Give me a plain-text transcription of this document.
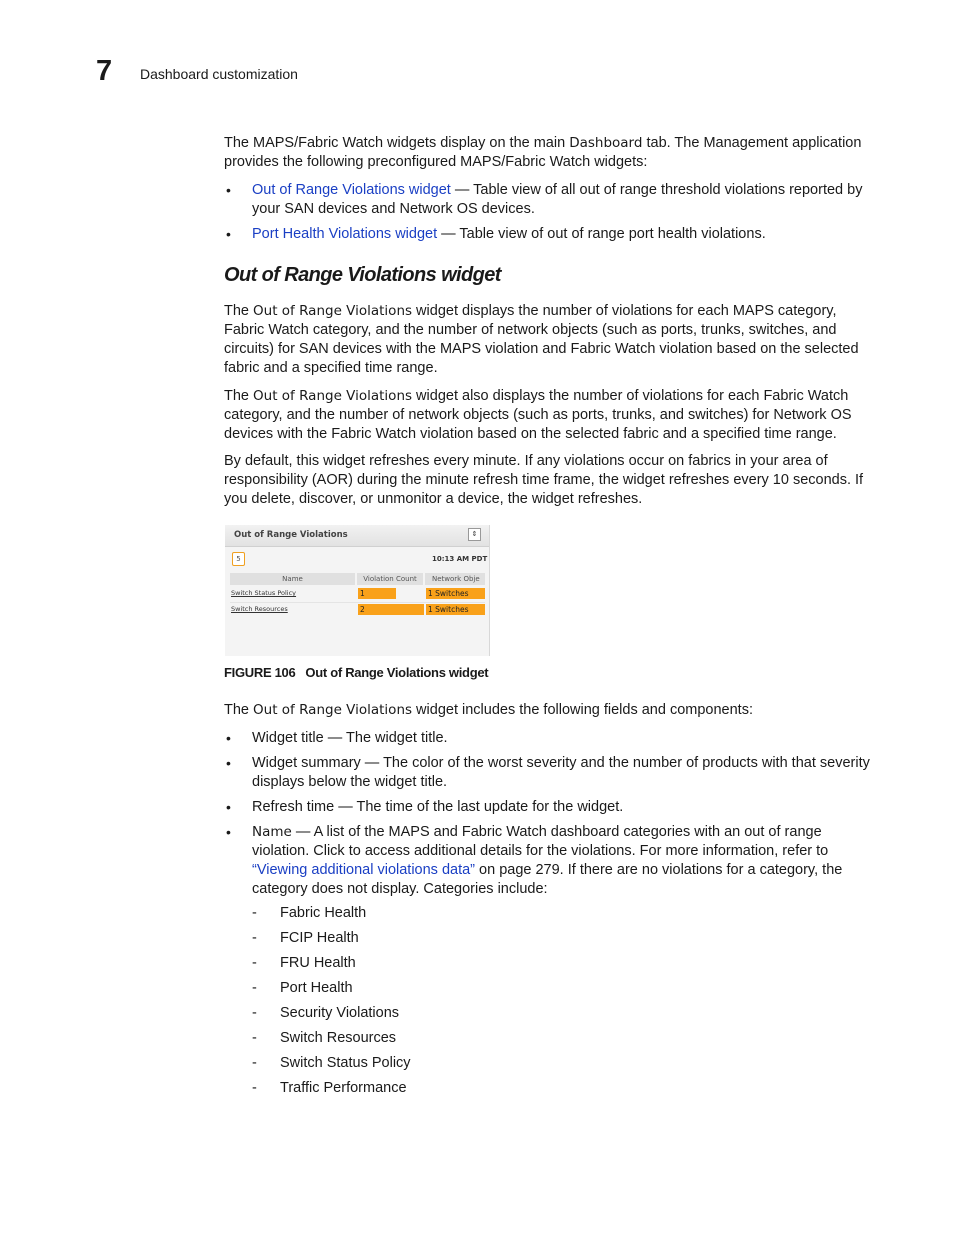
7 Dashboard customization
The MAPS/Fabric Watch widgets display on the main Dashboard tab. The Management application provides the following preconfigured MAPS/Fabric Watch widgets:
• Out of Range Violations widget — Table view of all out of range threshold violations reported by your SAN devices and Network OS devices.
• Port Health Violations widget — Table view of out of range port health violations.
Out of Range Violations widget
The Out of Range Violations widget displays the number of violations for each MAPS category, Fabric Watch category, and the number of network objects (such as ports, trunks, switches, and circuits) for SAN devices with the MAPS violation and Fabric Watch violation based on the selected fabric and a specified time range.
The Out of Range Violations widget also displays the number of violations for each Fabric Watch category, and the number of network objects (such as ports, trunks, and switches) for Network OS devices with the Fabric Watch violation based on the selected fabric and a specified time range.
By default, this widget refreshes every minute. If any violations occur on fabrics in your area of responsibility (AOR) during the minute refresh time frame, the widget refreshes every 10 seconds. If you delete, discover, or unmonitor a device, the widget refreshes.
Out of Range Violations	⇕
5	10:13 AM PDT
Name	Violation Count	Network Obje
Switch Status Policy	1	1 Switches
Switch Resources	2	1 Switches
FIGURE 106 Out of Range Violations widget
The Out of Range Violations widget includes the following fields and components:
• Widget title — The widget title.
• Widget summary — The color of the worst severity and the number of products with that severity displays below the widget title.
• Refresh time — The time of the last update for the widget.
• Name — A list of the MAPS and Fabric Watch dashboard categories with an out of range violation. Click to access additional details for the violations. For more information, refer to “Viewing additional violations data” on page 279. If there are no violations for a category, the category does not display. Categories include:
- Fabric Health
- FCIP Health
- FRU Health
- Port Health
- Security Violations
- Switch Resources
- Switch Status Policy
- Traffic Performance
